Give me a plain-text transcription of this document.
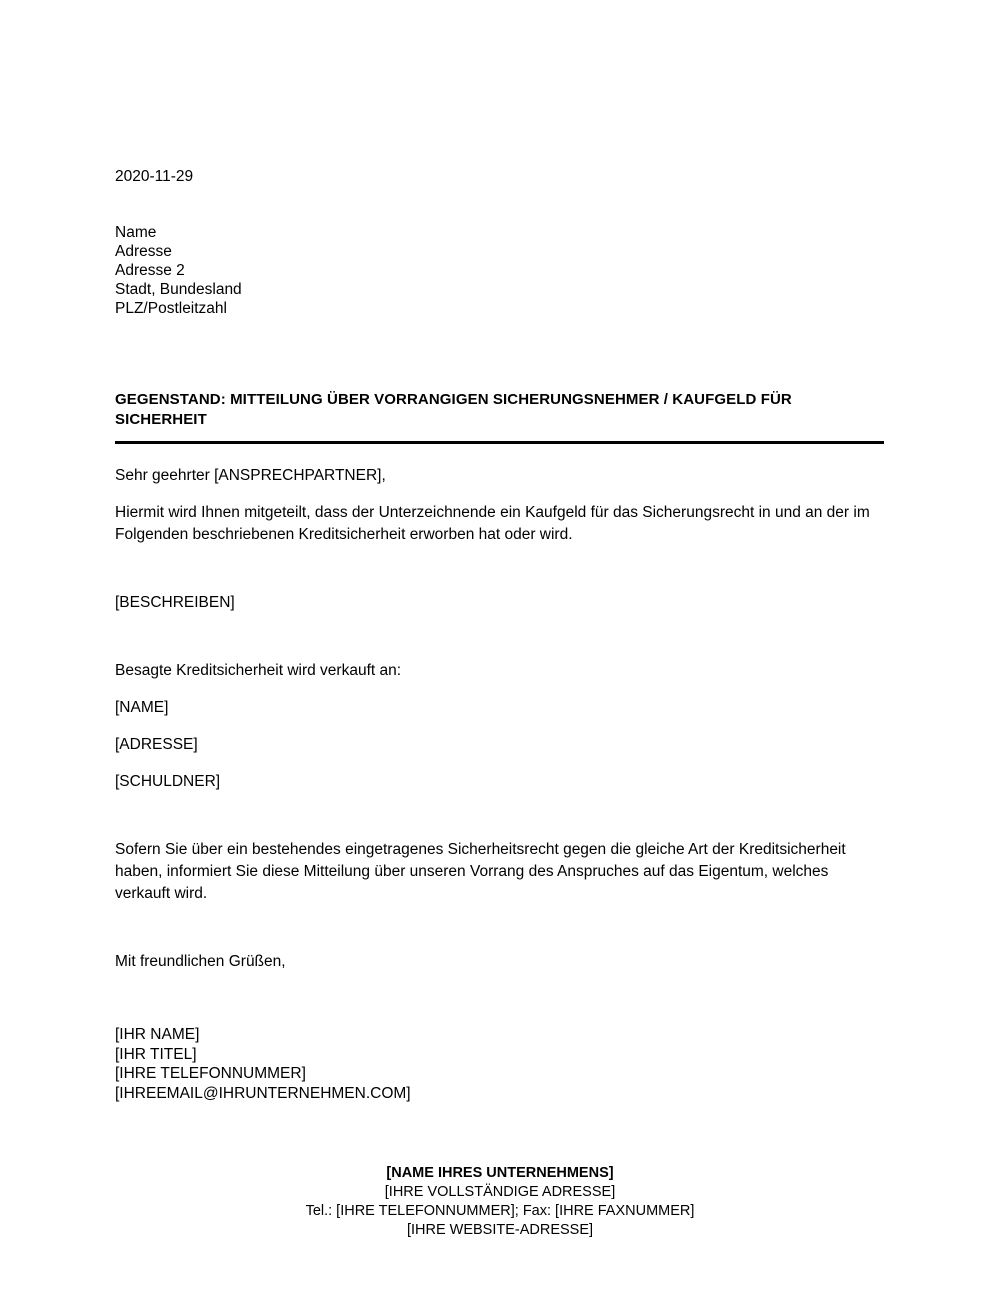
2020-11-29
Name
Adresse
Adresse 2
Stadt, Bundesland
PLZ/Postleitzahl

GEGENSTAND: MITTEILUNG ÜBER VORRANGIGEN SICHERUNGSNEHMER / KAUFGELD FÜR SICHERHEIT

Sehr geehrter [ANSPRECHPARTNER],

Hiermit wird Ihnen mitgeteilt, dass der Unterzeichnende ein Kaufgeld für das Sicherungsrecht in und an der im Folgenden beschriebenen Kreditsicherheit erworben hat oder wird.

[BESCHREIBEN]

Besagte Kreditsicherheit wird verkauft an:

[NAME]

[ADRESSE]

[SCHULDNER]

Sofern Sie über ein bestehendes eingetragenes Sicherheitsrecht gegen die gleiche Art der Kreditsicherheit haben, informiert Sie diese Mitteilung über unseren Vorrang des Anspruches auf das Eigentum, welches verkauft wird.

Mit freundlichen Grüßen,

[IHR NAME]
[IHR TITEL]
[IHRE TELEFONNUMMER]
[IHREEMAIL@IHRUNTERNEHMEN.COM]
[NAME IHRES UNTERNEHMENS]
[IHRE VOLLSTÄNDIGE ADRESSE]
Tel.: [IHRE TELEFONNUMMER]; Fax: [IHRE FAXNUMMER]
[IHRE WEBSITE-ADRESSE]
